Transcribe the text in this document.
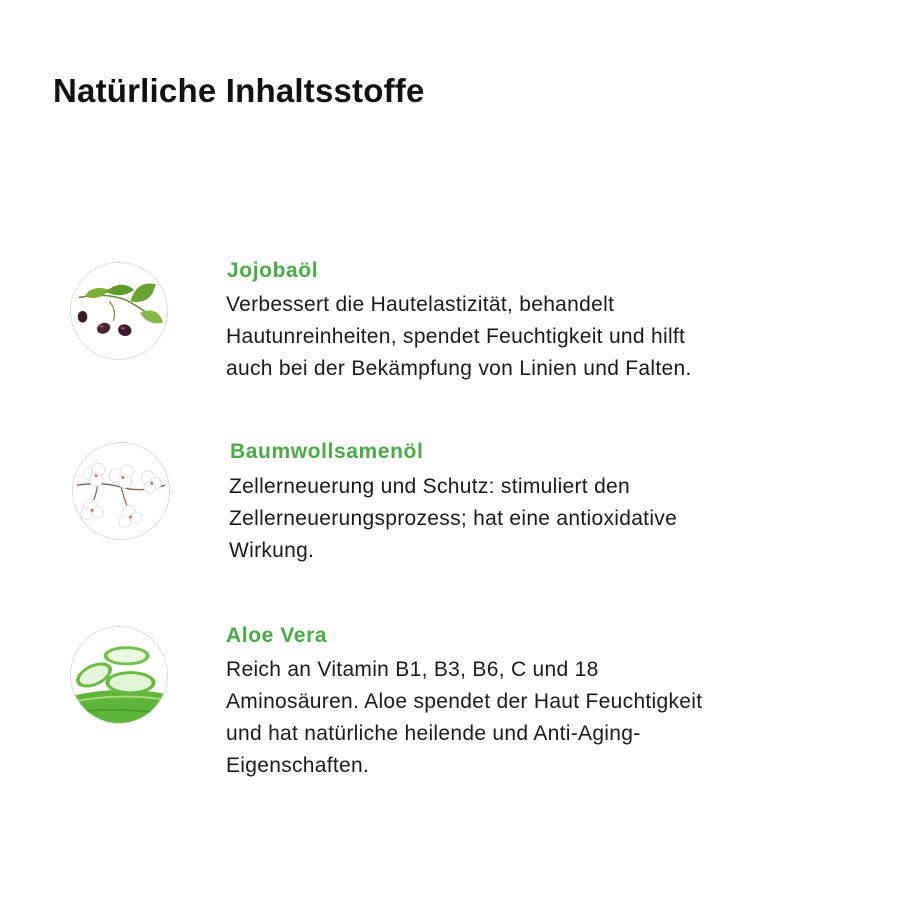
Natürliche Inhaltsstoffe
Jojobaöl

Verbessert die Hautelastizität, behandelt
Hautunreinheiten, spendet Feuchtigkeit und hilft
auch bei der Bekämpfung von Linien und Falten.

Baumwollsamenöl

Zellerneuerung und Schutz: stimuliert den
Zellerneuerungsprozess; hat eine antioxidative
Wirkung.

Aloe Vera

Reich an Vitamin B1, B3, B6, C und 18
Aminosäuren. Aloe spendet der Haut Feuchtigkeit
und hat natürliche heilende und Anti-Aging-
Eigenschaften.
